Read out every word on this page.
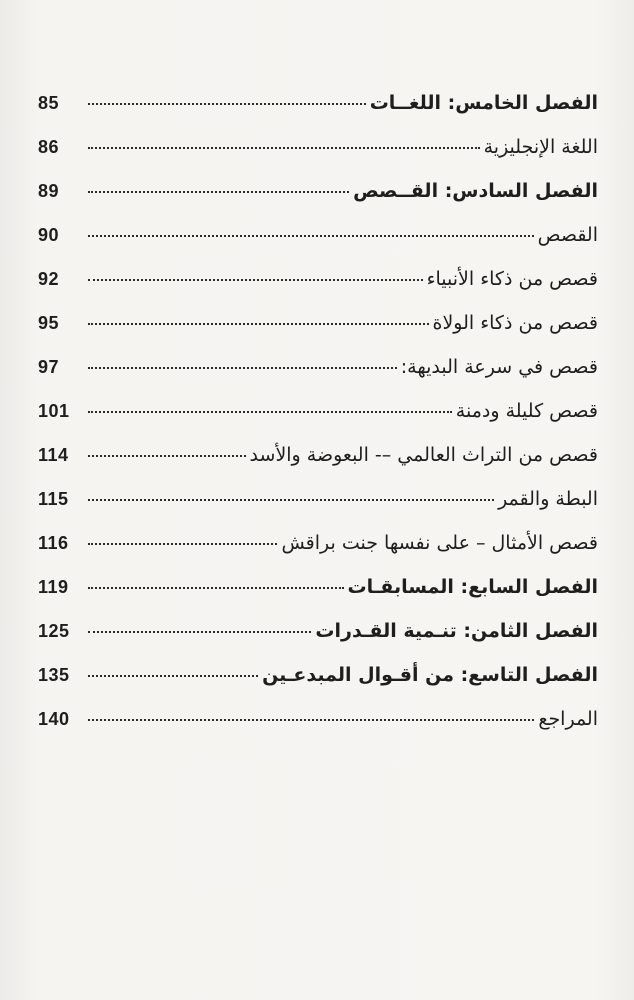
الفصل الخامس: اللغــات
85
اللغة الإنجليزية
86
الفصل السادس: القــصص
89
القصص
90
قصص من ذكاء الأنبياء
92
قصص من ذكاء الولاة
95
قصص في سرعة البديهة:
97
قصص كليلة ودمنة
101
قصص من التراث العالمي –- البعوضة والأسد
114
البطة والقمر
115
قصص الأمثال – على نفسها جنت براقش
116
الفصل السابع: المسابقـات
119
الفصل الثامن: تنـمية القـدرات
125
الفصل التاسع: من أقـوال المبدعـين
135
المراجع
140
